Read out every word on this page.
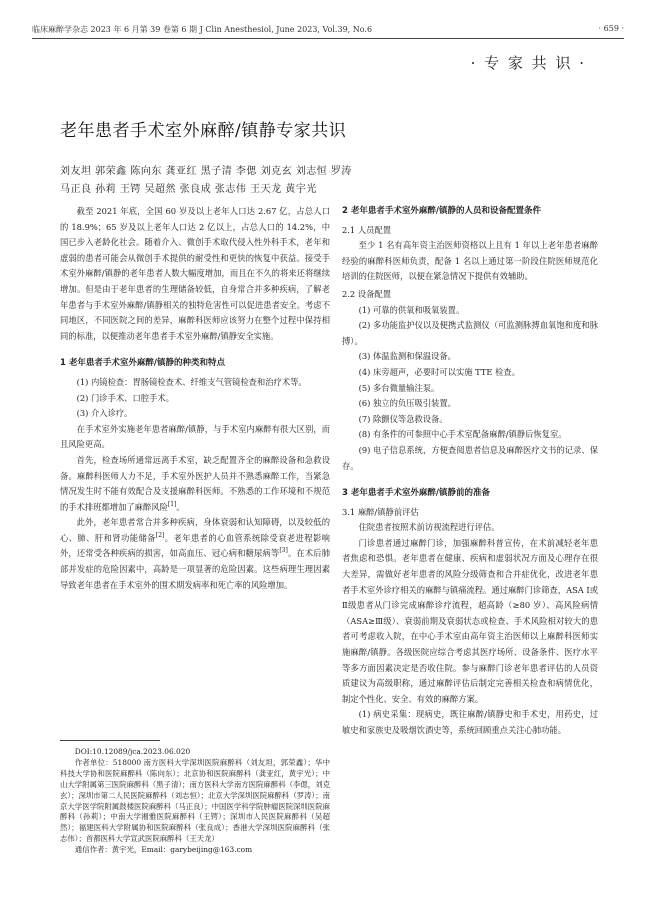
临床麻醉学杂志 2023 年 6 月第 39 卷第 6 期 J Clin Anesthesiol, June 2023, Vol.39, No.6	· 659 ·
· 专 家 共 识 ·
老年患者手术室外麻醉/镇静专家共识
刘友坦 郭荣鑫 陈向东 龚亚红 黑子清 李偲 刘克玄 刘志恒 罗涛
马正良 孙莉 王锷 吴超然 张良成 张志伟 王天龙 黄宇光

截至 2021 年底，全国 60 岁及以上老年人口达 2.67 亿，占总人口的 18.9%；65 岁及以上老年人口达 2 亿以上，占总人口的 14.2%，中国已步入老龄化社会。随着介入、微创手术取代侵入性外科手术，老年和虚弱的患者可能会从微创手术提供的耐受性和更快的恢复中获益。接受手术室外麻醉/镇静的老年患者人数大幅度增加，而且在不久的将来还将继续增加。但是由于老年患者的生理储备较低，自身常合并多种疾病，了解老年患者与手术室外麻醉/镇静相关的独特危害性可以促进患者安全。考虑不同地区，不同医院之间的差异，麻醉科医师应该努力在整个过程中保持相同的标准，以便推动老年患者手术室外麻醉/镇静安全实施。

1 老年患者手术室外麻醉/镇静的种类和特点

(1) 内镜检查：胃肠镜检查术、纤维支气管镜检查和治疗术等。

(2) 门诊手术、口腔手术。

(3) 介入诊疗。

在手术室外实施老年患者麻醉/镇静，与手术室内麻醉有很大区别，而且风险更高。

首先，检查场所通常远离手术室，缺乏配置齐全的麻醉设备和急救设备。麻醉科医师人力不足，手术室外医护人员并不熟悉麻醉工作，当紧急情况发生时不能有效配合及支援麻醉科医师。不熟悉的工作环境和不规范的手术排班都增加了麻醉风险[1]。

此外，老年患者常合并多种疾病，身体衰弱和认知障碍，以及较低的心、肺、肝和肾功能储备[2]。老年患者的心血管系统除受衰老进程影响外，还常受各种疾病的损害，如高血压、冠心病和糖尿病等[3]。在术后肺部并发症的危险因素中，高龄是一项显著的危险因素。这些病理生理因素导致老年患者在手术室外的围术期发病率和死亡率的风险增加。

DOI:10.12089/jca.2023.06.020

作者单位：518000 南方医科大学深圳医院麻醉科（刘友坦，郭荣鑫）；华中科技大学协和医院麻醉科（陈向东）；北京协和医院麻醉科（龚亚红，黄宇光）；中山大学附属第三医院麻醉科（黑子清）；南方医科大学南方医院麻醉科（李偲，刘克玄）；深圳市第二人民医院麻醉科（刘志恒）；北京大学深圳医院麻醉科（罗涛）；南京大学医学院附属鼓楼医院麻醉科（马正良）；中国医学科学院肿瘤医院深圳医院麻醉科（孙莉）；中南大学湘雅医院麻醉科（王锷）；深圳市人民医院麻醉科（吴超然）；福建医科大学附属协和医院麻醉科（张良成）；香港大学深圳医院麻醉科（张志伟）；首都医科大学宣武医院麻醉科（王天龙）

通信作者：黄宇光，Email：garybeijing@163.com

2 老年患者手术室外麻醉/镇静的人员和设备配置条件

2.1 人员配置

至少 1 名有高年资主治医师资格以上且有 1 年以上老年患者麻醉经验的麻醉科医师负责，配备 1 名以上通过第一阶段住院医师规范化培训的住院医师，以便在紧急情况下提供有效辅助。

2.2 设备配置

(1) 可靠的供氧和吸氧装置。

(2) 多功能监护仪以及便携式监测仪（可监测脉搏血氧饱和度和脉搏）。

(3) 体温监测和保温设备。

(4) 床旁超声，必要时可以实施 TTE 检查。

(5) 多台微量输注泵。

(6) 独立的负压吸引装置。

(7) 除颤仪等急救设备。

(8) 有条件的可参照中心手术室配备麻醉/镇静后恢复室。

(9) 电子信息系统，方便查阅患者信息及麻醉医疗文书的记录、保存。

3 老年患者手术室外麻醉/镇静前的准备

3.1 麻醉/镇静前评估

住院患者按照术前访视流程进行评估。

门诊患者通过麻醉门诊，加强麻醉科普宣传，在术前减轻老年患者焦虑和恐惧。老年患者在健康、疾病和虚弱状况方面及心理存在很大差异，需做好老年患者的风险分级筛查和合并症优化，改进老年患者手术室外诊疗相关的麻醉与镇痛流程。通过麻醉门诊筛查，ASA Ⅰ或Ⅱ级患者从门诊完成麻醉诊疗流程，超高龄（≥80 岁）、高风险病情（ASA≥Ⅲ级）、衰弱前期及衰弱状态或检查、手术风险相对较大的患者可考虑收入院，在中心手术室由高年资主治医师以上麻醉科医师实施麻醉/镇静。各级医院应综合考虑其医疗场所、设备条件、医疗水平等多方面因素决定是否收住院。参与麻醉门诊老年患者评估的人员资质建议为高级职称，通过麻醉评估后制定完善相关检查和病情优化，制定个性化、安全、有效的麻醉方案。

(1) 病史采集：现病史，既往麻醉/镇静史和手术史，用药史，过敏史和家族史及吸烟饮酒史等，系统回顾重点关注心肺功能。
